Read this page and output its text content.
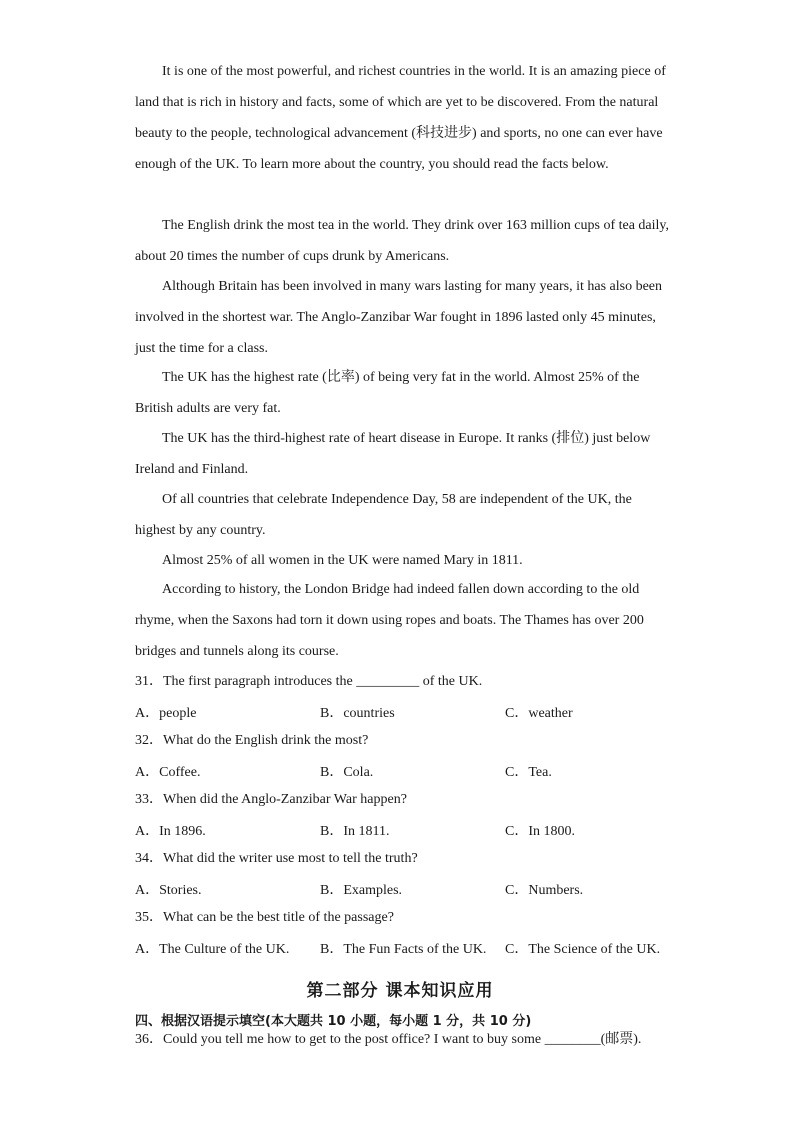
It is one of the most powerful, and richest countries in the world. It is an amazing piece of land that is rich in history and facts, some of which are yet to be discovered. From the natural beauty to the people, technological advancement (科技进步) and sports, no one can ever have enough of the UK. To learn more about the country, you should read the facts below.

The English drink the most tea in the world. They drink over 163 million cups of tea daily, about 20 times the number of cups drunk by Americans.

Although Britain has been involved in many wars lasting for many years, it has also been involved in the shortest war. The Anglo-Zanzibar War fought in 1896 lasted only 45 minutes, just the time for a class.

The UK has the highest rate (比率) of being very fat in the world. Almost 25% of the British adults are very fat.

The UK has the third-highest rate of heart disease in Europe. It ranks (排位) just below Ireland and Finland.

Of all countries that celebrate Independence Day, 58 are independent of the UK, the highest by any country.

Almost 25% of all women in the UK were named Mary in 1811.

According to history, the London Bridge had indeed fallen down according to the old rhyme, when the Saxons had torn it down using ropes and boats. The Thames has over 200 bridges and tunnels along its course.

31．The first paragraph introduces the _________ of the UK.
A．people	B．countries	C．weather
32．What do the English drink the most?
A．Coffee.	B．Cola.	C．Tea.
33．When did the Anglo-Zanzibar War happen?
A．In 1896.	B．In 1811.	C．In 1800.
34．What did the writer use most to tell the truth?
A．Stories.	B．Examples.	C．Numbers.
35．What can be the best title of the passage?
A．The Culture of the UK. B．The Fun Facts of the UK. C．The Science of the UK.
第二部分 课本知识应用
四、根据汉语提示填空(本大题共 10 小题，每小题 1 分，共 10 分)
36．Could you tell me how to get to the post office? I want to buy some ________(邮票).
